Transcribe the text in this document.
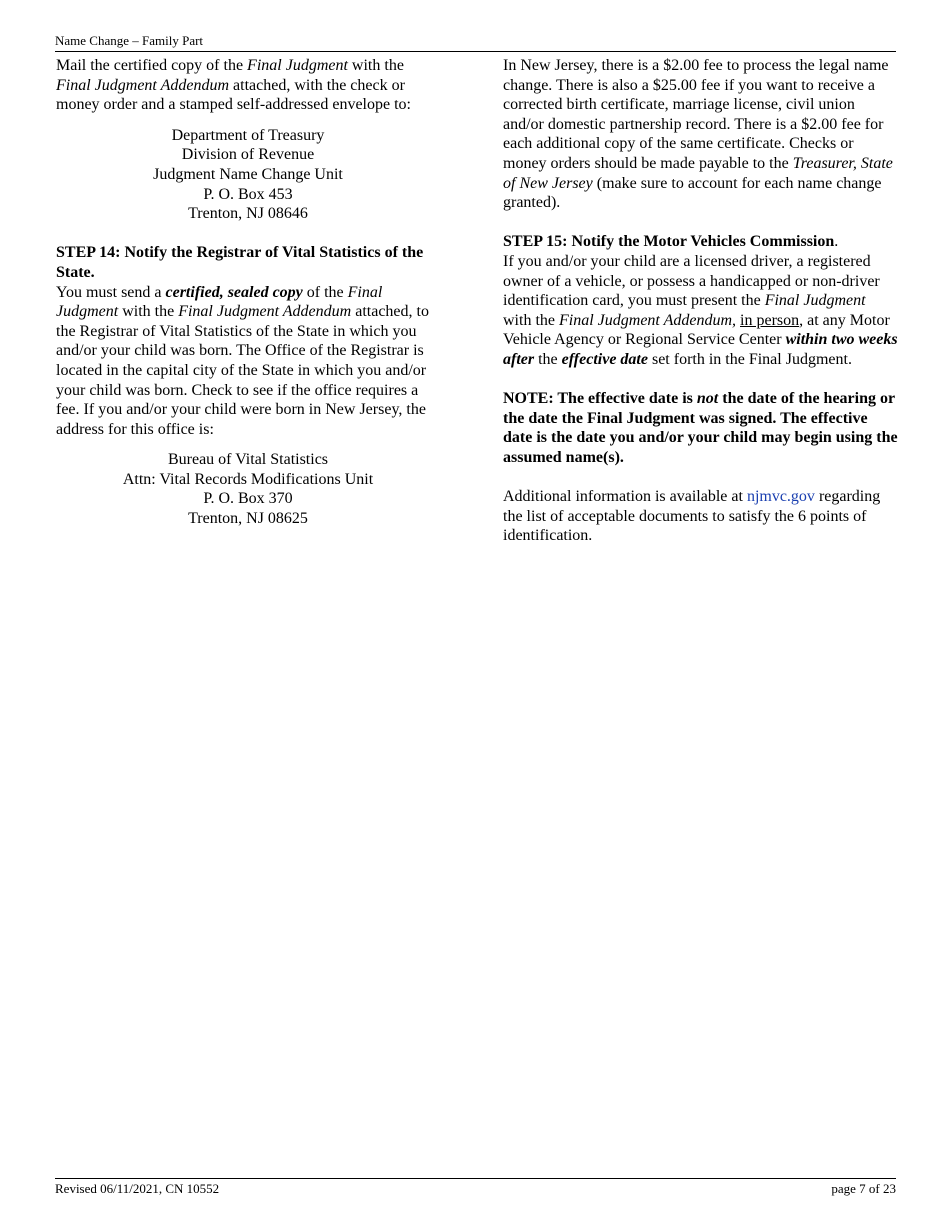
Name Change – Family Part

Mail the certified copy of the Final Judgment with the Final Judgment Addendum attached, with the check or money order and a stamped self-addressed envelope to:

Department of Treasury
Division of Revenue
Judgment Name Change Unit
P. O. Box 453
Trenton, NJ 08646

STEP 14: Notify the Registrar of Vital Statistics of the State.

You must send a certified, sealed copy of the Final Judgment with the Final Judgment Addendum attached, to the Registrar of Vital Statistics of the State in which you and/or your child was born. The Office of the Registrar is located in the capital city of the State in which you and/or your child was born. Check to see if the office requires a fee. If you and/or your child were born in New Jersey, the address for this office is:

Bureau of Vital Statistics
Attn: Vital Records Modifications Unit
P. O. Box 370
Trenton, NJ 08625

In New Jersey, there is a $2.00 fee to process the legal name change. There is also a $25.00 fee if you want to receive a corrected birth certificate, marriage license, civil union and/or domestic partnership record. There is a $2.00 fee for each additional copy of the same certificate. Checks or money orders should be made payable to the Treasurer, State of New Jersey (make sure to account for each name change granted).

STEP 15: Notify the Motor Vehicles Commission.
If you and/or your child are a licensed driver, a registered owner of a vehicle, or possess a handicapped or non-driver identification card, you must present the Final Judgment with the Final Judgment Addendum, in person, at any Motor Vehicle Agency or Regional Service Center within two weeks after the effective date set forth in the Final Judgment.

NOTE: The effective date is not the date of the hearing or the date the Final Judgment was signed. The effective date is the date you and/or your child may begin using the assumed name(s).

Additional information is available at njmvc.gov regarding the list of acceptable documents to satisfy the 6 points of identification.

Revised 06/11/2021, CN 10552	page 7 of 23
